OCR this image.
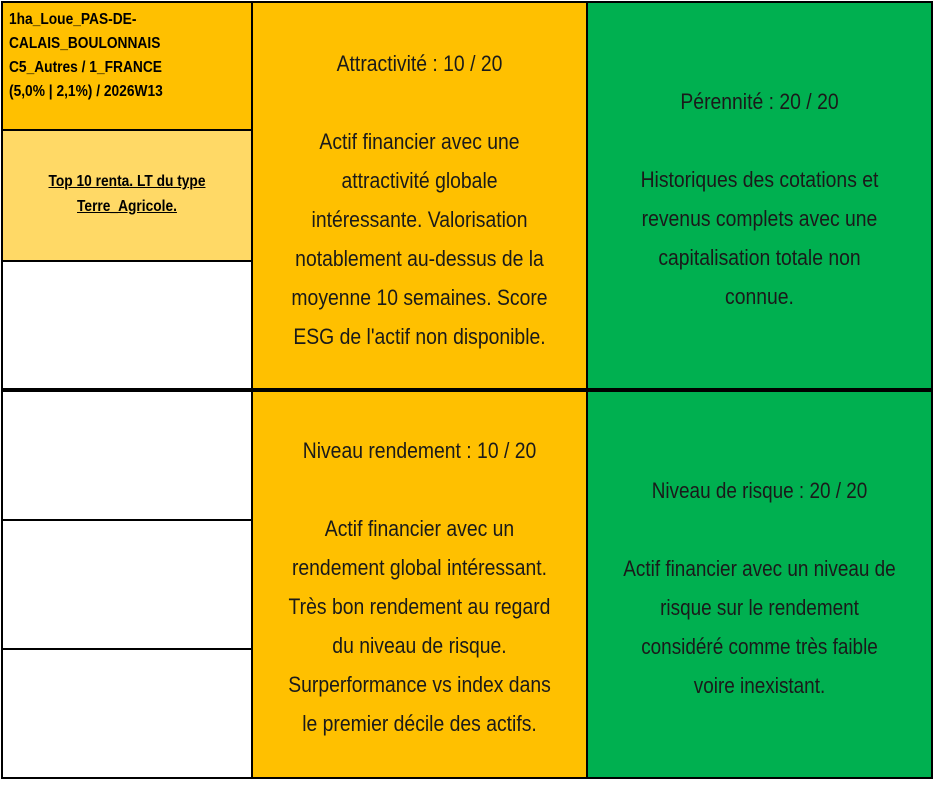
1ha_Loue_PAS-DE-
CALAIS_BOULONNAIS
C5_Autres / 1_FRANCE
(5,0% | 2,1%) / 2026W13
Top 10 renta. LT du type
Terre_Agricole.
Attractivité : 10 / 20
Actif financier avec une
attractivité globale
intéressante. Valorisation
notablement au-dessus de la
moyenne 10 semaines. Score
ESG de l'actif non disponible.
Pérennité : 20 / 20
Historiques des cotations et
revenus complets avec une
capitalisation totale non
connue.
Niveau rendement : 10 / 20
Actif financier avec un
rendement global intéressant.
Très bon rendement au regard
du niveau de risque.
Surperformance vs index dans
le premier décile des actifs.
Niveau de risque : 20 / 20
Actif financier avec un niveau de
risque sur le rendement
considéré comme très faible
voire inexistant.
